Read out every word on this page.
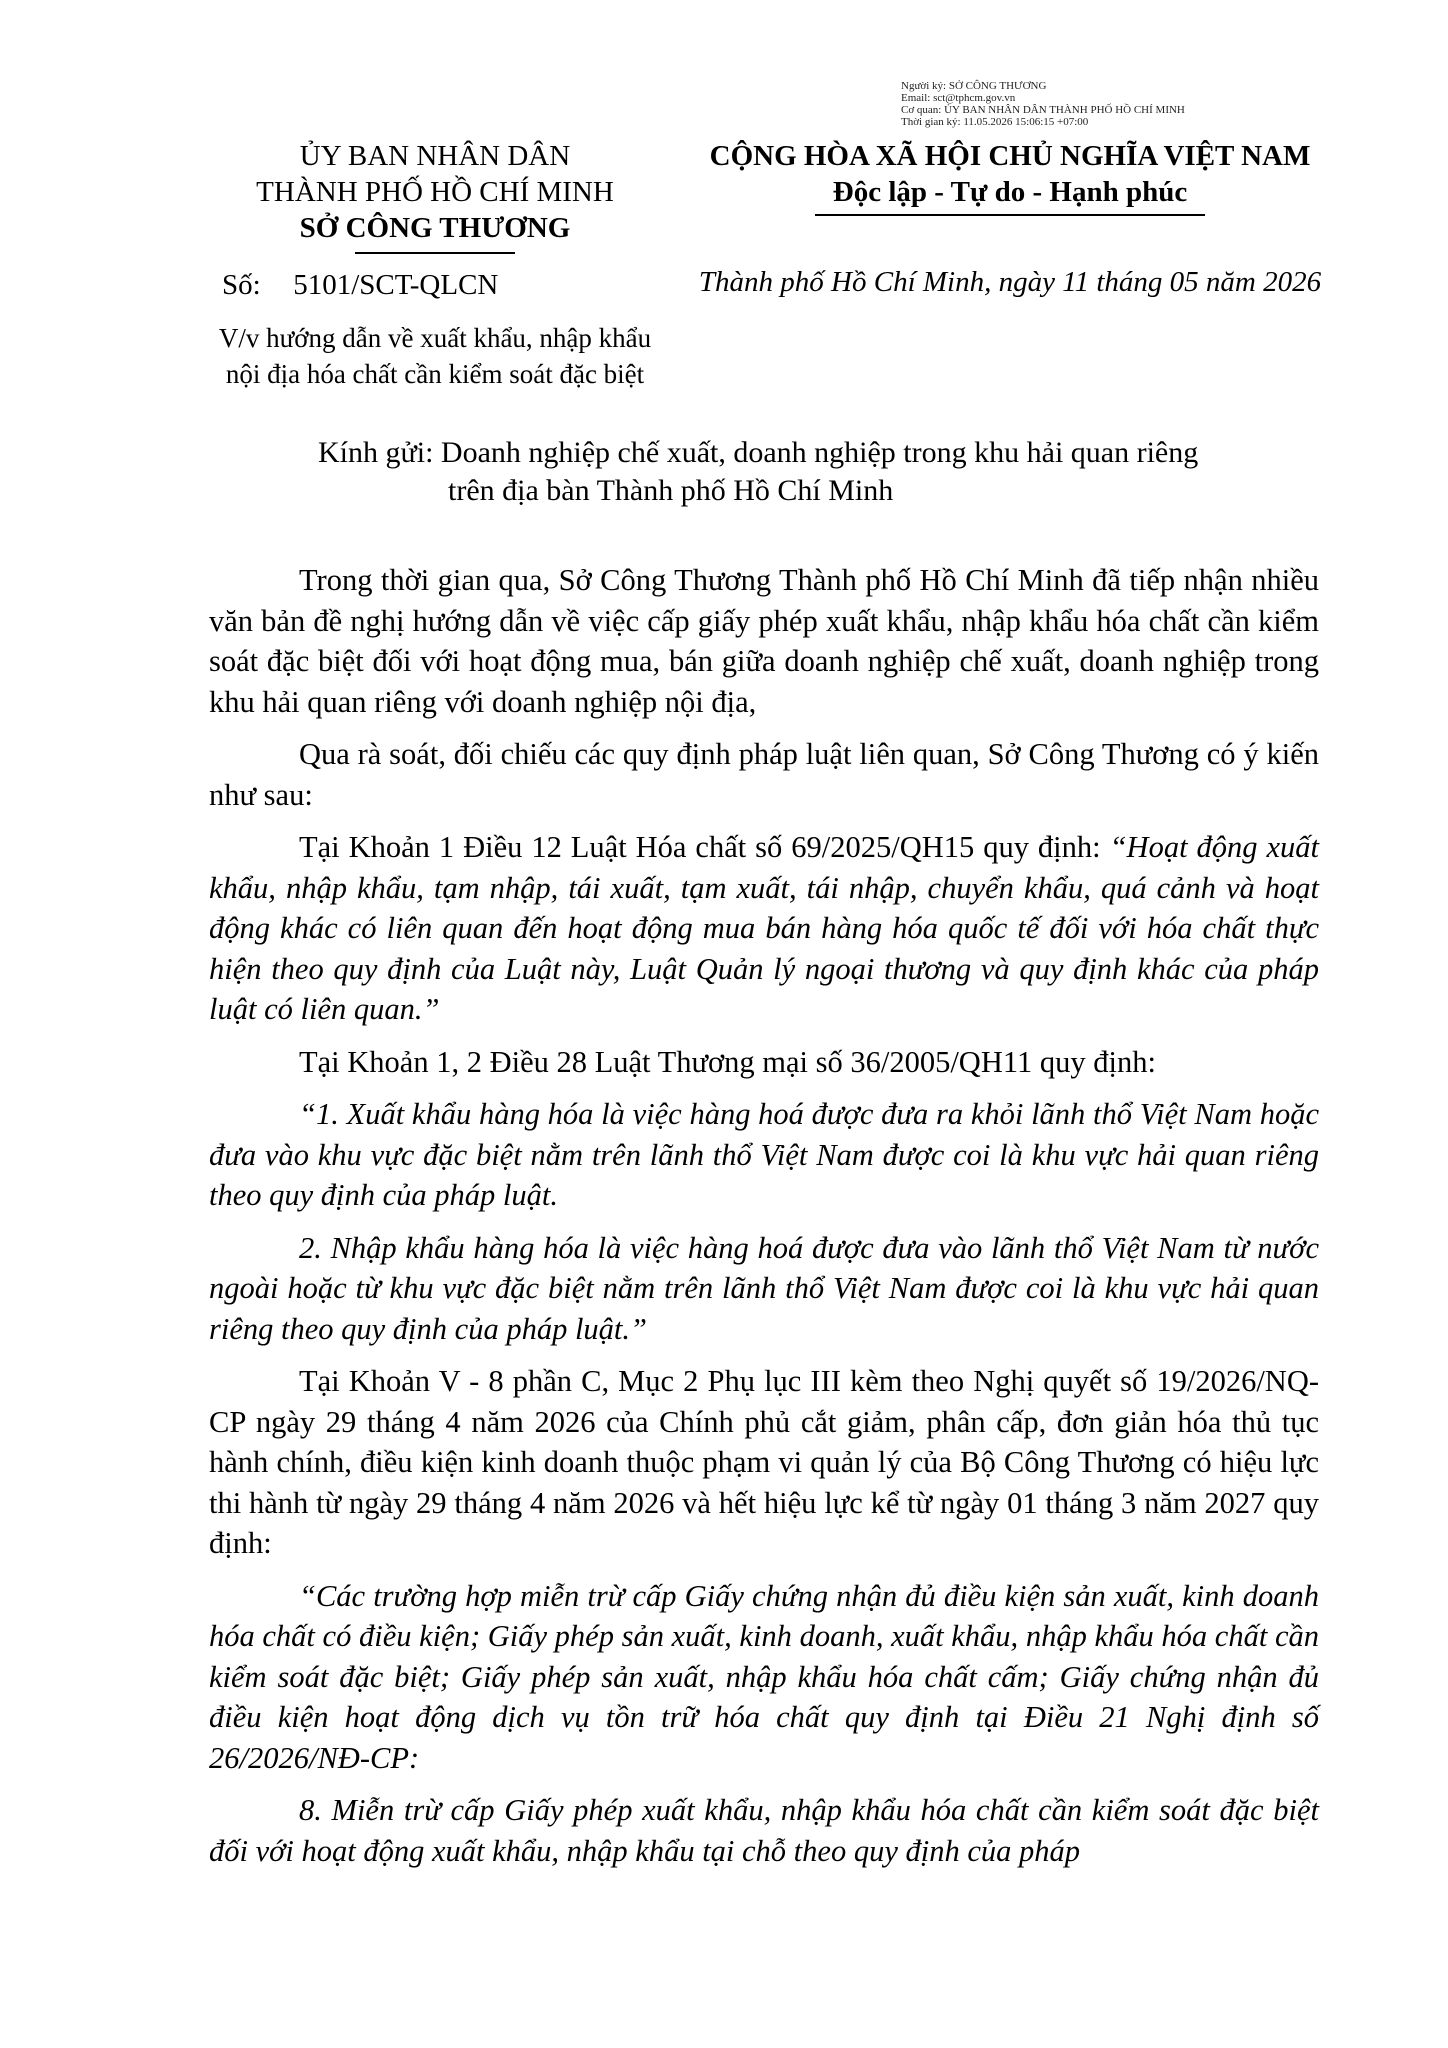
Người ký: SỞ CÔNG THƯƠNG
Email: sct@tphcm.gov.vn
Cơ quan: ỦY BAN NHÂN DÂN THÀNH PHỐ HỒ CHÍ MINH
Thời gian ký: 11.05.2026 15:06:15 +07:00
ỦY BAN NHÂN DÂN
THÀNH PHỐ HỒ CHÍ MINH
SỞ CÔNG THƯƠNG
Số: 5101/SCT-QLCN
V/v hướng dẫn về xuất khẩu, nhập khẩu
nội địa hóa chất cần kiểm soát đặc biệt
CỘNG HÒA XÃ HỘI CHỦ NGHĨA VIỆT NAM
Độc lập - Tự do - Hạnh phúc
Thành phố Hồ Chí Minh, ngày 11 tháng 05 năm 2026
Kính gửi: Doanh nghiệp chế xuất, doanh nghiệp trong khu hải quan riêng
trên địa bàn Thành phố Hồ Chí Minh

Trong thời gian qua, Sở Công Thương Thành phố Hồ Chí Minh đã tiếp nhận nhiều văn bản đề nghị hướng dẫn về việc cấp giấy phép xuất khẩu, nhập khẩu hóa chất cần kiểm soát đặc biệt đối với hoạt động mua, bán giữa doanh nghiệp chế xuất, doanh nghiệp trong khu hải quan riêng với doanh nghiệp nội địa,

Qua rà soát, đối chiếu các quy định pháp luật liên quan, Sở Công Thương có ý kiến như sau:

Tại Khoản 1 Điều 12 Luật Hóa chất số 69/2025/QH15 quy định: “Hoạt động xuất khẩu, nhập khẩu, tạm nhập, tái xuất, tạm xuất, tái nhập, chuyển khẩu, quá cảnh và hoạt động khác có liên quan đến hoạt động mua bán hàng hóa quốc tế đối với hóa chất thực hiện theo quy định của Luật này, Luật Quản lý ngoại thương và quy định khác của pháp luật có liên quan.”

Tại Khoản 1, 2 Điều 28 Luật Thương mại số 36/2005/QH11 quy định:

“1. Xuất khẩu hàng hóa là việc hàng hoá được đưa ra khỏi lãnh thổ Việt Nam hoặc đưa vào khu vực đặc biệt nằm trên lãnh thổ Việt Nam được coi là khu vực hải quan riêng theo quy định của pháp luật.

2. Nhập khẩu hàng hóa là việc hàng hoá được đưa vào lãnh thổ Việt Nam từ nước ngoài hoặc từ khu vực đặc biệt nằm trên lãnh thổ Việt Nam được coi là khu vực hải quan riêng theo quy định của pháp luật.”

Tại Khoản V - 8 phần C, Mục 2 Phụ lục III kèm theo Nghị quyết số 19/2026/NQ-CP ngày 29 tháng 4 năm 2026 của Chính phủ cắt giảm, phân cấp, đơn giản hóa thủ tục hành chính, điều kiện kinh doanh thuộc phạm vi quản lý của Bộ Công Thương có hiệu lực thi hành từ ngày 29 tháng 4 năm 2026 và hết hiệu lực kể từ ngày 01 tháng 3 năm 2027 quy định:

“Các trường hợp miễn trừ cấp Giấy chứng nhận đủ điều kiện sản xuất, kinh doanh hóa chất có điều kiện; Giấy phép sản xuất, kinh doanh, xuất khẩu, nhập khẩu hóa chất cần kiểm soát đặc biệt; Giấy phép sản xuất, nhập khẩu hóa chất cấm; Giấy chứng nhận đủ điều kiện hoạt động dịch vụ tồn trữ hóa chất quy định tại Điều 21 Nghị định số 26/2026/NĐ-CP:

8. Miễn trừ cấp Giấy phép xuất khẩu, nhập khẩu hóa chất cần kiểm soát đặc biệt đối với hoạt động xuất khẩu, nhập khẩu tại chỗ theo quy định của pháp
